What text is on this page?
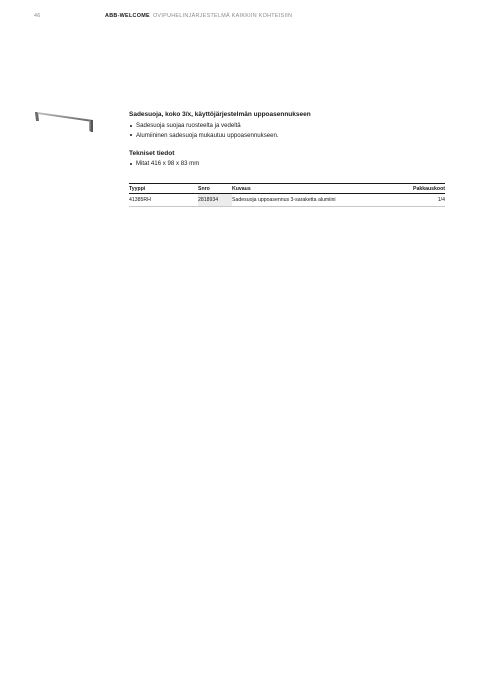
46	ABB-WELCOME OVIPUHELINJÄRJESTELMÄ KAIKKIIN KOHTEISIIN
Sadesuoja, koko 3/x, käyttöjärjestelmän uppoasennukseen
Sadesuoja suojaa ruosteelta ja vedeltä
Alumiininen sadesuoja mukautuu uppoasennukseen.
Tekniset tiedot
Mitat 416 x 98 x 83 mm
Tyyppi	Snro	Kuvaus	Pakkauskoot
41385RH	2818934	Sadesuoja uppoasennus 3-saraketta alumiini	1/4
